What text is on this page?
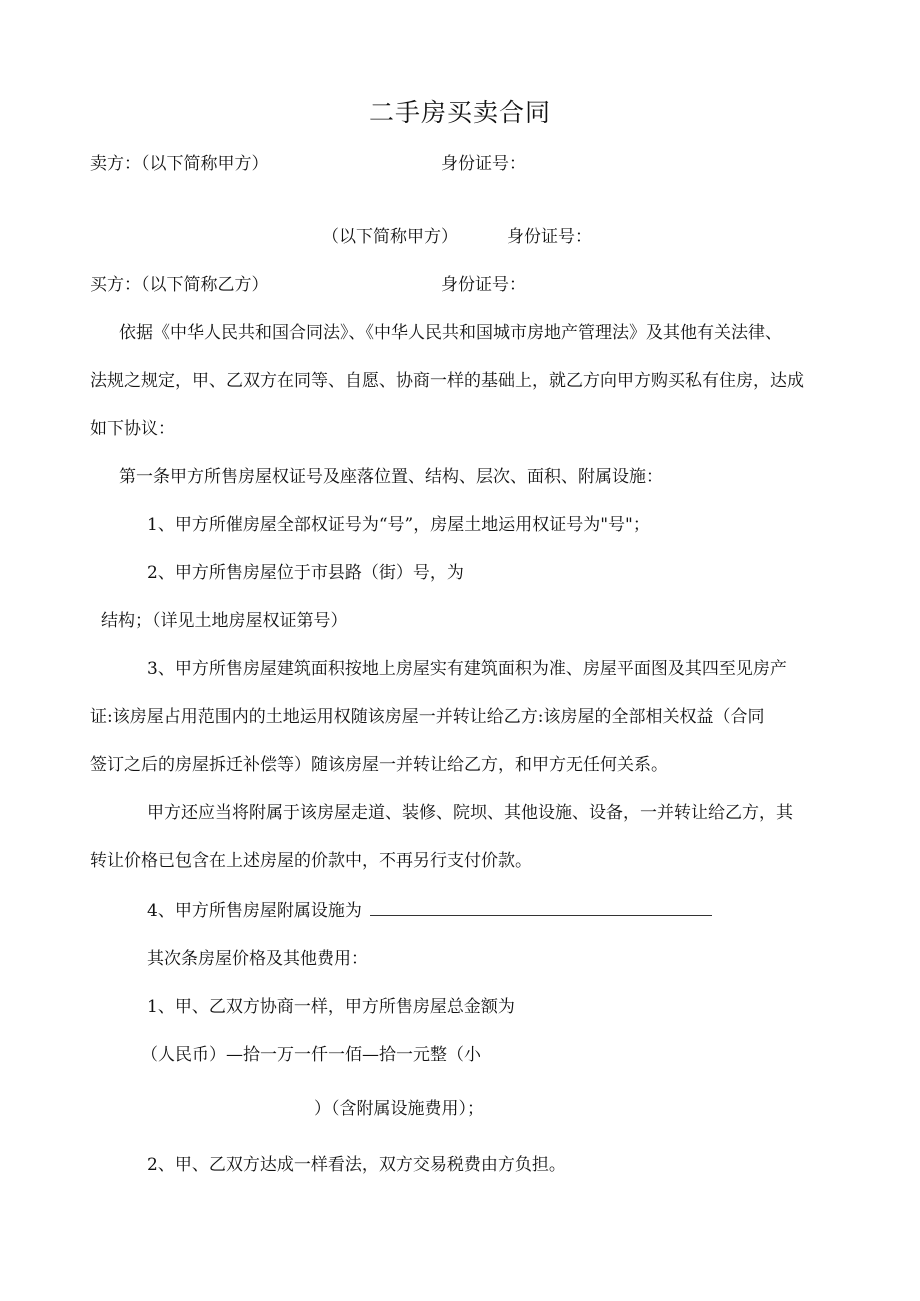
二手房买卖合同
卖方：（以下简称甲方）	身份证号：
（以下简称甲方）	身份证号：
买方：（以下简称乙方）	身份证号：
依据《中华人民共和国合同法》、《中华人民共和国城市房地产管理法》及其他有关法律、
法规之规定，甲、乙双方在同等、自愿、协商一样的基础上，就乙方向甲方购买私有住房，达成
如下协议：
第一条甲方所售房屋权证号及座落位置、结构、层次、面积、附属设施：
1、甲方所催房屋全部权证号为“号”，房屋土地运用权证号为"号"；
2、甲方所售房屋位于市县路（街）号，为
结构；（详见土地房屋权证第号）
3、甲方所售房屋建筑面积按地上房屋实有建筑面积为准、房屋平面图及其四至见房产
证:该房屋占用范围内的土地运用权随该房屋一并转让给乙方:该房屋的全部相关权益（合同
签订之后的房屋拆迁补偿等）随该房屋一并转让给乙方，和甲方无任何关系。
甲方还应当将附属于该房屋走道、装修、院坝、其他设施、设备，一并转让给乙方，其
转让价格已包含在上述房屋的价款中，不再另行支付价款。
4、甲方所售房屋附属设施为
其次条房屋价格及其他费用：
1、甲、乙双方协商一样，甲方所售房屋总金额为
（人民币）—拾一万一仟一佰—拾一元整（小
）（含附属设施费用）；
2、甲、乙双方达成一样看法，双方交易税费由方负担。
